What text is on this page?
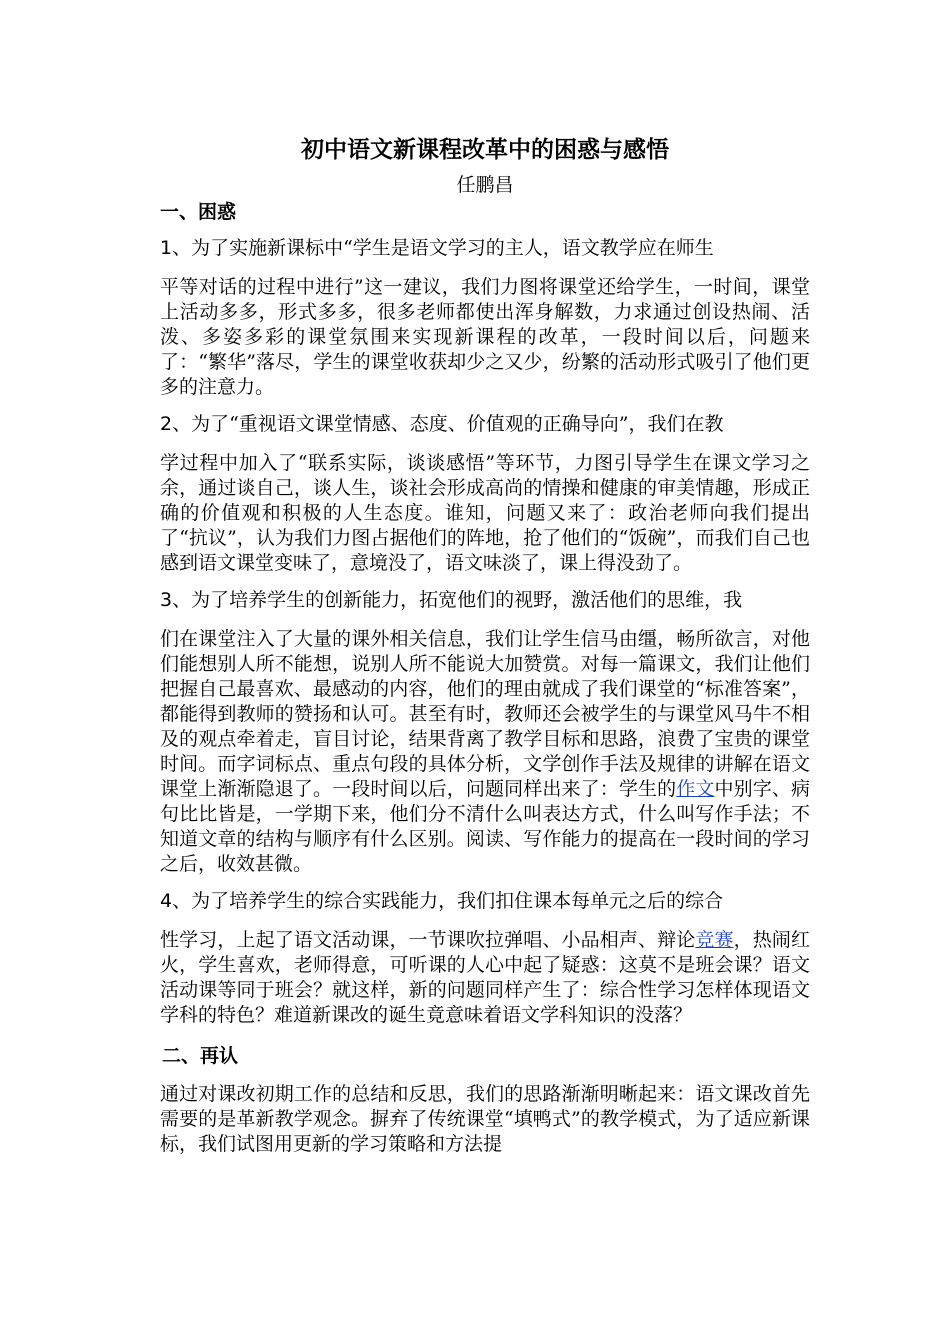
初中语文新课程改革中的困惑与感悟
任鹏昌
一、困惑

1、为了实施新课标中“学生是语文学习的主人，语文教学应在师生
平等对话的过程中进行”这一建议，我们力图将课堂还给学生，一时间，课堂上活动多多，形式多多，很多老师都使出浑身解数，力求通过创设热闹、活泼、多姿多彩的课堂氛围来实现新课程的改革，一段时间以后，问题来了：“繁华”落尽，学生的课堂收获却少之又少，纷繁的活动形式吸引了他们更多的注意力。

2、为了“重视语文课堂情感、态度、价值观的正确导向”，我们在教
学过程中加入了“联系实际，谈谈感悟”等环节，力图引导学生在课文学习之余，通过谈自己，谈人生，谈社会形成高尚的情操和健康的审美情趣，形成正确的价值观和积极的人生态度。谁知，问题又来了：政治老师向我们提出了“抗议”，认为我们力图占据他们的阵地，抢了他们的“饭碗”，而我们自己也感到语文课堂变味了，意境没了，语文味淡了，课上得没劲了。

3、为了培养学生的创新能力，拓宽他们的视野，激活他们的思维，我
们在课堂注入了大量的课外相关信息，我们让学生信马由缰，畅所欲言，对他们能想别人所不能想，说别人所不能说大加赞赏。对每一篇课文，我们让他们把握自己最喜欢、最感动的内容，他们的理由就成了我们课堂的“标准答案”，都能得到教师的赞扬和认可。甚至有时，教师还会被学生的与课堂风马牛不相及的观点牵着走，盲目讨论，结果背离了教学目标和思路，浪费了宝贵的课堂时间。而字词标点、重点句段的具体分析，文学创作手法及规律的讲解在语文课堂上渐渐隐退了。一段时间以后，问题同样出来了：学生的作文中别字、病句比比皆是，一学期下来，他们分不清什么叫表达方式，什么叫写作手法；不知道文章的结构与顺序有什么区别。阅读、写作能力的提高在一段时间的学习之后，收效甚微。

4、为了培养学生的综合实践能力，我们扣住课本每单元之后的综合
性学习，上起了语文活动课，一节课吹拉弹唱、小品相声、辩论竞赛，热闹红火，学生喜欢，老师得意，可听课的人心中起了疑惑：这莫不是班会课？语文活动课等同于班会？就这样，新的问题同样产生了：综合性学习怎样体现语文学科的特色？难道新课改的诞生竟意味着语文学科知识的没落？

二、再认

通过对课改初期工作的总结和反思，我们的思路渐渐明晰起来：语文课改首先需要的是革新教学观念。摒弃了传统课堂“填鸭式”的教学模式，为了适应新课标，我们试图用更新的学习策略和方法提
